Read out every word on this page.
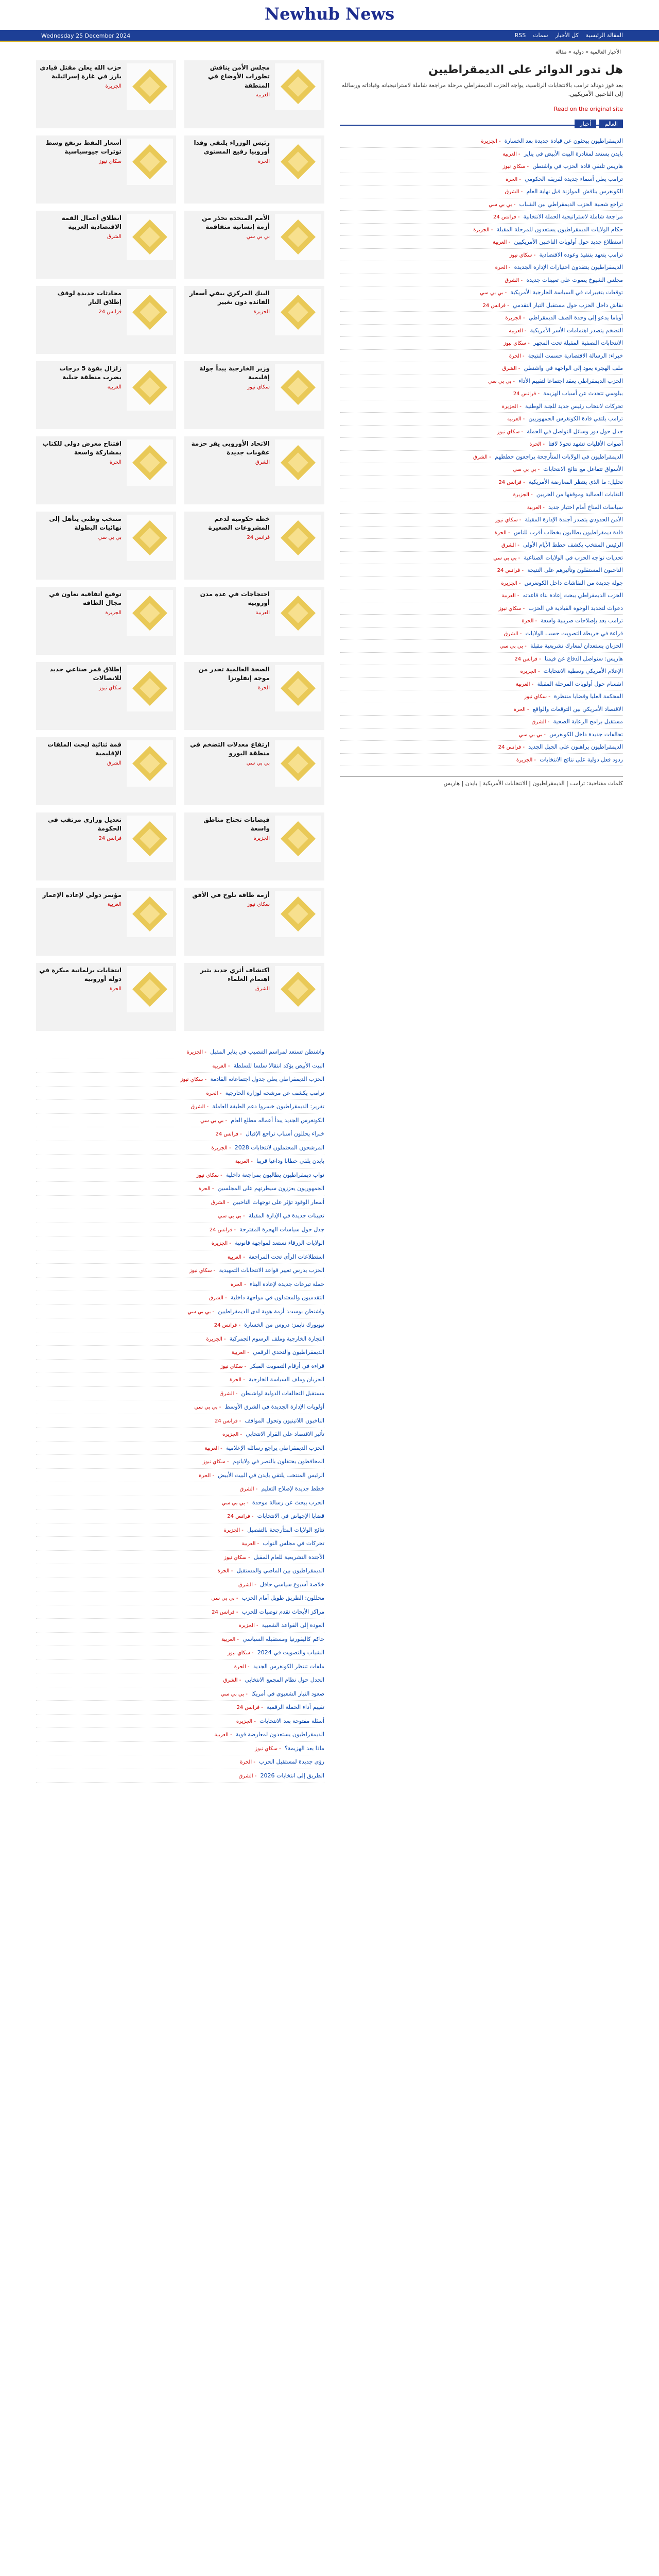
Newhub News
Wednesday 25 December 2024	المقالة الرئيسية
كل الأخبار
سمات
RSS
الأخبار العالمية » دولية » مقالة
حزب الله يعلن مقتل قيادي بارز في غارة إسرائيلية
الجزيرة
مجلس الأمن يناقش تطورات الأوضاع في المنطقة
العربية
أسعار النفط ترتفع وسط توترات جيوسياسية
سكاي نيوز
رئيس الوزراء يلتقي وفدا أوروبيا رفيع المستوى
الحرة
انطلاق أعمال القمة الاقتصادية العربية
الشرق
الأمم المتحدة تحذر من أزمة إنسانية متفاقمة
بي بي سي
محادثات جديدة لوقف إطلاق النار
فرانس 24
البنك المركزي يبقي أسعار الفائدة دون تغيير
الجزيرة
زلزال بقوة 5 درجات يضرب منطقة جبلية
العربية
وزير الخارجية يبدأ جولة إقليمية
سكاي نيوز
افتتاح معرض دولي للكتاب بمشاركة واسعة
الحرة
الاتحاد الأوروبي يقر حزمة عقوبات جديدة
الشرق
منتخب وطني يتأهل إلى نهائيات البطولة
بي بي سي
خطة حكومية لدعم المشروعات الصغيرة
فرانس 24
توقيع اتفاقية تعاون في مجال الطاقة
الجزيرة
احتجاجات في عدة مدن أوروبية
العربية
إطلاق قمر صناعي جديد للاتصالات
سكاي نيوز
الصحة العالمية تحذر من موجة إنفلونزا
الحرة
قمة ثنائية لبحث الملفات الإقليمية
الشرق
ارتفاع معدلات التضخم في منطقة اليورو
بي بي سي
تعديل وزاري مرتقب في الحكومة
فرانس 24
فيضانات تجتاح مناطق واسعة
الجزيرة
مؤتمر دولي لإعادة الإعمار
العربية
أزمة طاقة تلوح في الأفق
سكاي نيوز
انتخابات برلمانية مبكرة في دولة أوروبية
الحرة
اكتشاف أثري جديد يثير اهتمام العلماء
الشرق
واشنطن تستعد لمراسم التنصيب في يناير المقبل - الجزيرة
البيت الأبيض يؤكد انتقالا سلسا للسلطة - العربية
الحزب الديمقراطي يعلن جدول اجتماعاته القادمة - سكاي نيوز
ترامب يكشف عن مرشحه لوزارة الخارجية - الحرة
تقرير: الديمقراطيون خسروا دعم الطبقة العاملة - الشرق
الكونغرس الجديد يبدأ أعماله مطلع العام - بي بي سي
خبراء يحللون أسباب تراجع الإقبال - فرانس 24
المرشحون المحتملون لانتخابات 2028 - الجزيرة
بايدن يلقي خطابا وداعيا قريبا - العربية
نواب ديمقراطيون يطالبون بمراجعة داخلية - سكاي نيوز
الجمهوريون يعززون سيطرتهم على المجلسين - الحرة
أسعار الوقود تؤثر على توجهات الناخبين - الشرق
تعيينات جديدة في الإدارة المقبلة - بي بي سي
جدل حول سياسات الهجرة المقترحة - فرانس 24
الولايات الزرقاء تستعد لمواجهة قانونية - الجزيرة
استطلاعات الرأي تحت المراجعة - العربية
الحزب يدرس تغيير قواعد الانتخابات التمهيدية - سكاي نيوز
حملة تبرعات جديدة لإعادة البناء - الحرة
التقدميون والمعتدلون في مواجهة داخلية - الشرق
واشنطن بوست: أزمة هوية لدى الديمقراطيين - بي بي سي
نيويورك تايمز: دروس من الخسارة - فرانس 24
التجارة الخارجية وملف الرسوم الجمركية - الجزيرة
الديمقراطيون والتحدي الرقمي - العربية
قراءة في أرقام التصويت المبكر - سكاي نيوز
الحزبان وملف السياسة الخارجية - الحرة
مستقبل التحالفات الدولية لواشنطن - الشرق
أولويات الإدارة الجديدة في الشرق الأوسط - بي بي سي
الناخبون اللاتينيون وتحول المواقف - فرانس 24
تأثير الاقتصاد على القرار الانتخابي - الجزيرة
الحزب الديمقراطي يراجع رسائله الإعلامية - العربية
المحافظون يحتفلون بالنصر في ولاياتهم - سكاي نيوز
الرئيس المنتخب يلتقي بايدن في البيت الأبيض - الحرة
خطط جديدة لإصلاح التعليم - الشرق
الحزب يبحث عن رسالة موحدة - بي بي سي
قضايا الإجهاض في الانتخابات - فرانس 24
نتائج الولايات المتأرجحة بالتفصيل - الجزيرة
تحركات في مجلس النواب - العربية
الأجندة التشريعية للعام المقبل - سكاي نيوز
الديمقراطيون بين الماضي والمستقبل - الحرة
خلاصة أسبوع سياسي حافل - الشرق
محللون: الطريق طويل أمام الحزب - بي بي سي
مراكز الأبحاث تقدم توصيات للحزب - فرانس 24
العودة إلى القواعد الشعبية - الجزيرة
حاكم كاليفورنيا ومستقبله السياسي - العربية
الشباب والتصويت في 2024 - سكاي نيوز
ملفات تنتظر الكونغرس الجديد - الحرة
الجدل حول نظام المجمع الانتخابي - الشرق
صعود التيار الشعبوي في أمريكا - بي بي سي
تقييم أداء الحملة الرقمية - فرانس 24
أسئلة مفتوحة بعد الانتخابات - الجزيرة
الديمقراطيون يستعدون لمعارضة قوية - العربية
ماذا بعد الهزيمة؟ - سكاي نيوز
رؤى جديدة لمستقبل الحزب - الحرة
الطريق إلى انتخابات 2026 - الشرق
هل تدور الدوائر على الديمقراطيين
بعد فوز دونالد ترامب بالانتخابات الرئاسية، يواجه الحزب الديمقراطي مرحلة مراجعة شاملة لاستراتيجياته وقياداته ورسائله إلى الناخبين الأمريكيين.
Read on the original site
العالم
أخبار
الديمقراطيون يبحثون عن قيادة جديدة بعد الخسارة - الجزيرة
بايدن يستعد لمغادرة البيت الأبيض في يناير - العربية
هاريس تلتقي قادة الحزب في واشنطن - سكاي نيوز
ترامب يعلن أسماء جديدة لفريقه الحكومي - الحرة
الكونغرس يناقش الموازنة قبل نهاية العام - الشرق
تراجع شعبية الحزب الديمقراطي بين الشباب - بي بي سي
مراجعة شاملة لاستراتيجية الحملة الانتخابية - فرانس 24
حكام الولايات الديمقراطيون يستعدون للمرحلة المقبلة - الجزيرة
استطلاع جديد حول أولويات الناخبين الأمريكيين - العربية
ترامب يتعهد بتنفيذ وعوده الاقتصادية - سكاي نيوز
الديمقراطيون ينتقدون اختيارات الإدارة الجديدة - الحرة
مجلس الشيوخ يصوت على تعيينات جديدة - الشرق
توقعات بتغييرات في السياسة الخارجية الأمريكية - بي بي سي
نقاش داخل الحزب حول مستقبل التيار التقدمي - فرانس 24
أوباما يدعو إلى وحدة الصف الديمقراطي - الجزيرة
التضخم يتصدر اهتمامات الأسر الأمريكية - العربية
الانتخابات النصفية المقبلة تحت المجهر - سكاي نيوز
خبراء: الرسالة الاقتصادية حسمت النتيجة - الحرة
ملف الهجرة يعود إلى الواجهة في واشنطن - الشرق
الحزب الديمقراطي يعقد اجتماعا لتقييم الأداء - بي بي سي
بيلوسي تتحدث عن أسباب الهزيمة - فرانس 24
تحركات لانتخاب رئيس جديد للجنة الوطنية - الجزيرة
ترامب يلتقي قادة الكونغرس الجمهوريين - العربية
جدل حول دور وسائل التواصل في الحملة - سكاي نيوز
أصوات الأقليات تشهد تحولا لافتا - الحرة
الديمقراطيون في الولايات المتأرجحة يراجعون خططهم - الشرق
الأسواق تتفاعل مع نتائج الانتخابات - بي بي سي
تحليل: ما الذي ينتظر المعارضة الأمريكية - فرانس 24
النقابات العمالية وموقفها من الحزبين - الجزيرة
سياسات المناخ أمام اختبار جديد - العربية
الأمن الحدودي يتصدر أجندة الإدارة المقبلة - سكاي نيوز
قادة ديمقراطيون يطالبون بخطاب أقرب للناس - الحرة
الرئيس المنتخب يكشف خطط الأيام الأولى - الشرق
تحديات تواجه الحزب في الولايات الصناعية - بي بي سي
الناخبون المستقلون وتأثيرهم على النتيجة - فرانس 24
جولة جديدة من النقاشات داخل الكونغرس - الجزيرة
الحزب الديمقراطي يبحث إعادة بناء قاعدته - العربية
دعوات لتجديد الوجوه القيادية في الحزب - سكاي نيوز
ترامب يعد بإصلاحات ضريبية واسعة - الحرة
قراءة في خريطة التصويت حسب الولايات - الشرق
الحزبان يستعدان لمعارك تشريعية مقبلة - بي بي سي
هاريس: سنواصل الدفاع عن قيمنا - فرانس 24
الإعلام الأمريكي وتغطية الانتخابات - الجزيرة
انقسام حول أولويات المرحلة المقبلة - العربية
المحكمة العليا وقضايا منتظرة - سكاي نيوز
الاقتصاد الأمريكي بين التوقعات والواقع - الحرة
مستقبل برامج الرعاية الصحية - الشرق
تحالفات جديدة داخل الكونغرس - بي بي سي
الديمقراطيون يراهنون على الجيل الجديد - فرانس 24
ردود فعل دولية على نتائج الانتخابات - الجزيرة
كلمات مفتاحية: ترامب | الديمقراطيون | الانتخابات الأمريكية | بايدن | هاريس
